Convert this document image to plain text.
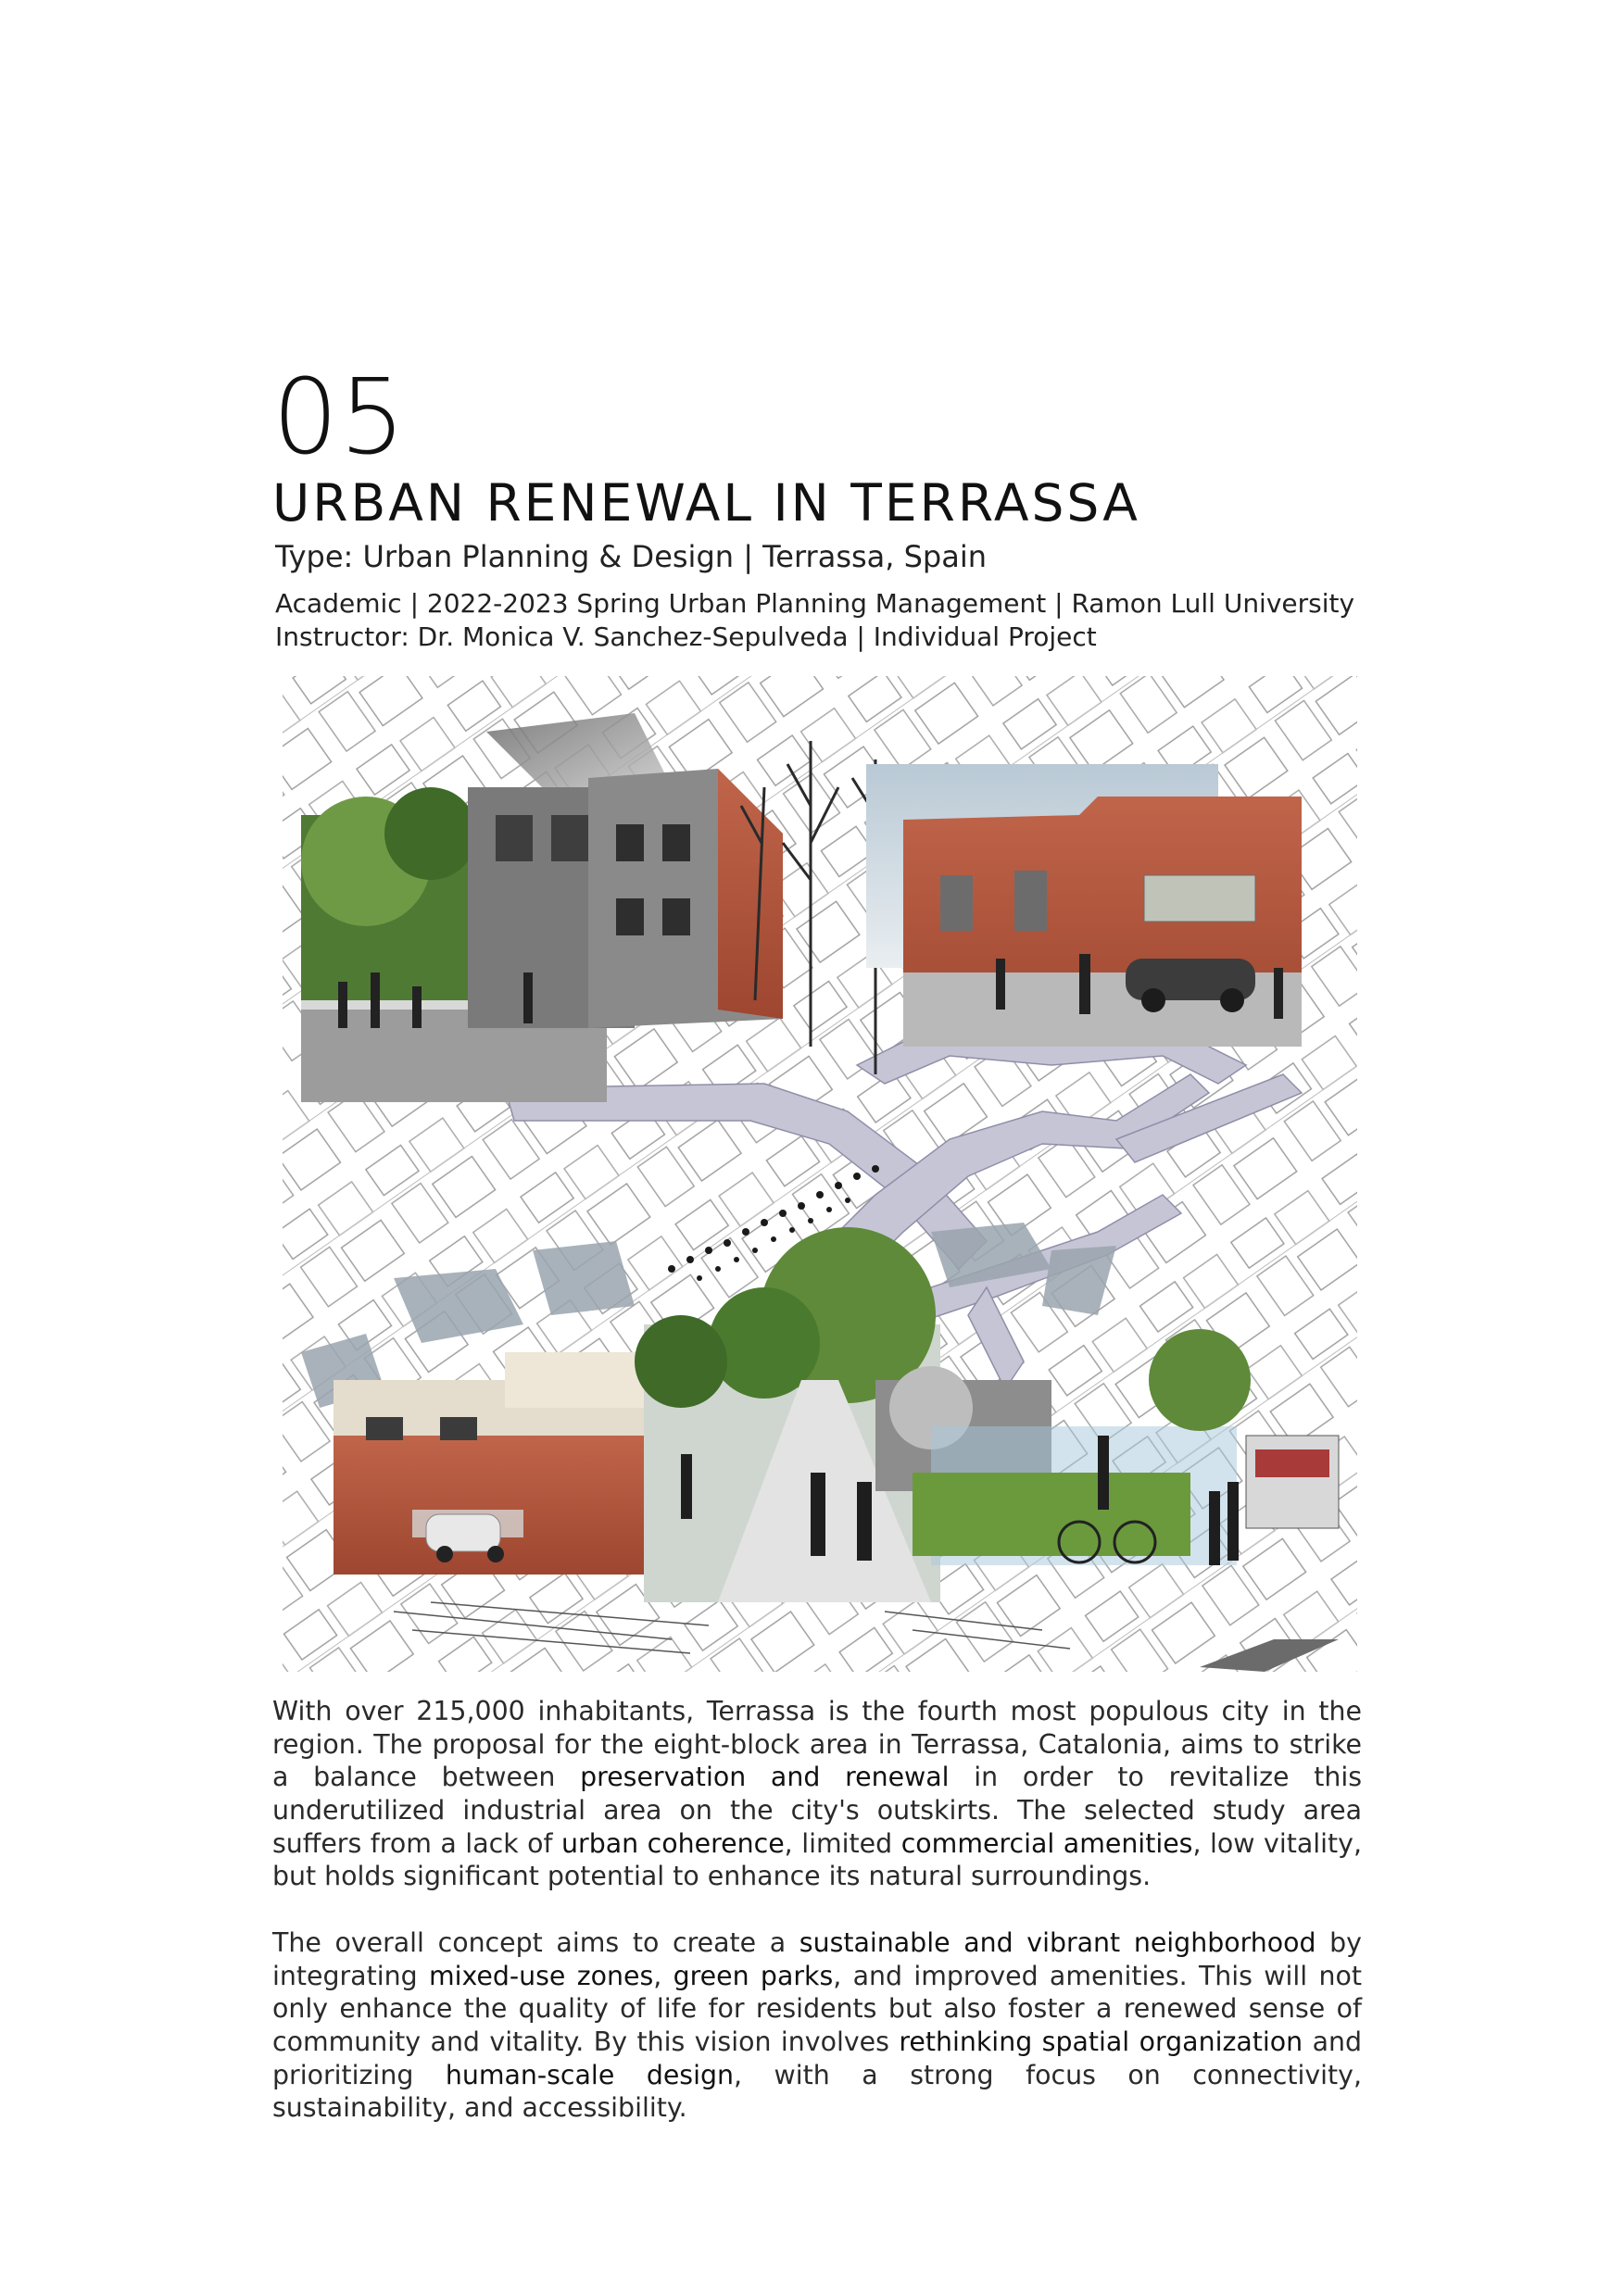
05
URBAN RENEWAL IN TERRASSA

Type: Urban Planning & Design | Terrassa, Spain

Academic | 2022-2023 Spring Urban Planning Management | Ramon Lull University
Instructor: Dr. Monica V. Sanchez-Sepulveda | Individual Project

With over 215,000 inhabitants, Terrassa is the fourth most populous city in the region. The proposal for the eight-block area in Terrassa, Catalonia, aims to strike a balance between preservation and renewal in order to revitalize this underutilized industrial area on the city's outskirts. The selected study area suffers from a lack of urban coherence, limited commercial amenities, low vitality, but holds significant potential to enhance its natural surroundings.

The overall concept aims to create a sustainable and vibrant neighborhood by integrating mixed-use zones, green parks, and improved amenities. This will not only enhance the quality of life for residents but also foster a renewed sense of community and vitality. By this vision involves rethinking spatial organization and prioritizing human-scale design, with a strong focus on connectivity, sustainability, and accessibility.
